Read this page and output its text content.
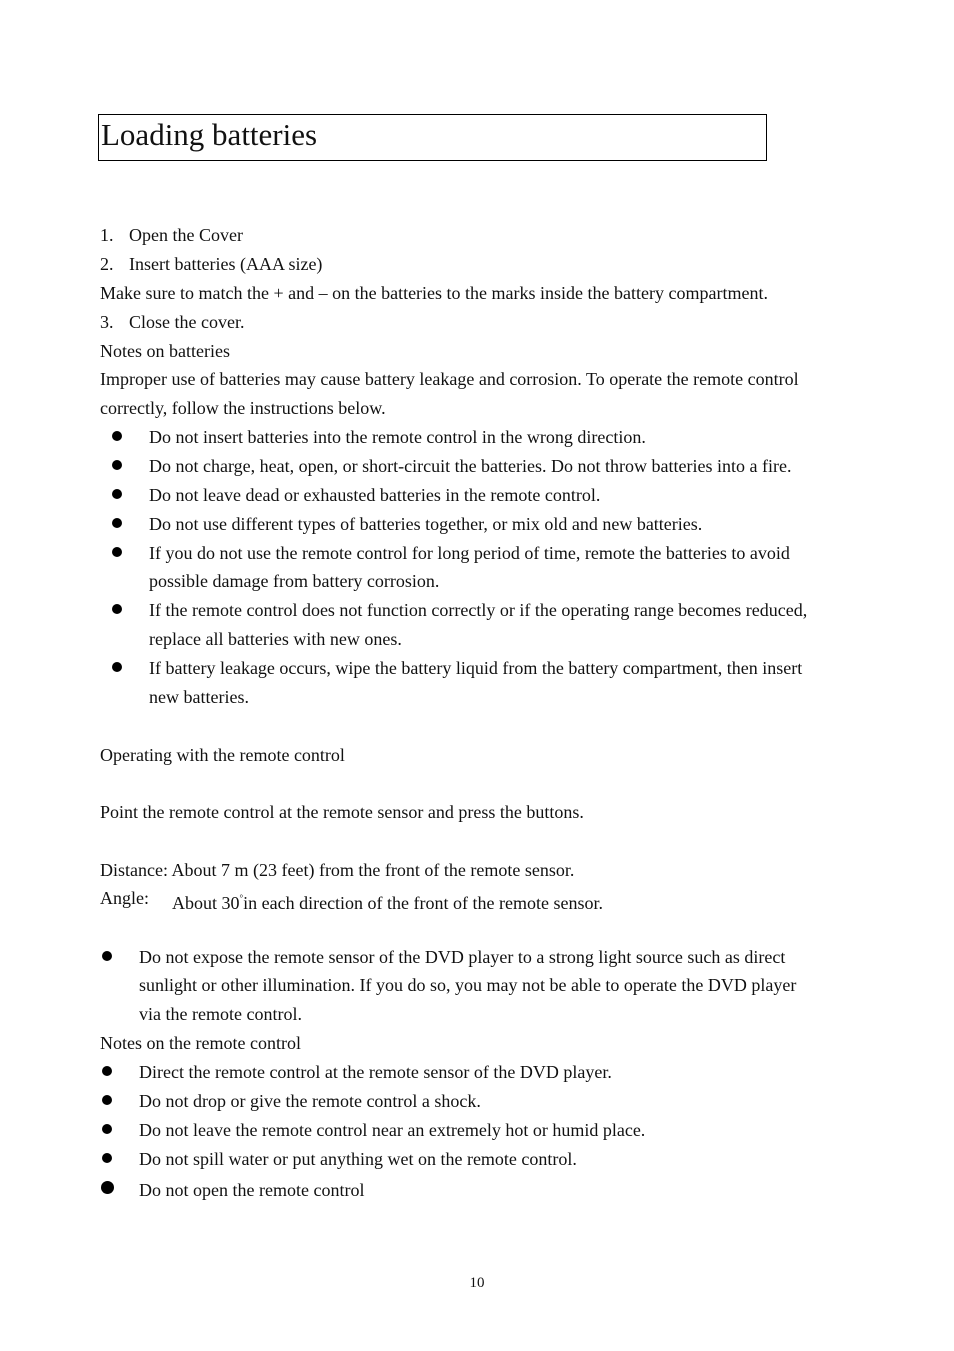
Loading batteries
1. Open the Cover
2. Insert batteries (AAA size)
Make sure to match the + and – on the batteries to the marks inside the battery compartment.
3. Close the cover.
Notes on batteries
Improper use of batteries may cause battery leakage and corrosion. To operate the remote control
correctly, follow the instructions below.
Do not insert batteries into the remote control in the wrong direction.
Do not charge, heat, open, or short-circuit the batteries. Do not throw batteries into a fire.
Do not leave dead or exhausted batteries in the remote control.
Do not use different types of batteries together, or mix old and new batteries.
If you do not use the remote control for long period of time, remote the batteries to avoid
possible damage from battery corrosion.
If the remote control does not function correctly or if the operating range becomes reduced,
replace all batteries with new ones.
If battery leakage occurs, wipe the battery liquid from the battery compartment, then insert
new batteries.
Operating with the remote control
Point the remote control at the remote sensor and press the buttons.
Distance: About 7 m (23 feet) from the front of the remote sensor.
Angle: About 30°in each direction of the front of the remote sensor.
Do not expose the remote sensor of the DVD player to a strong light source such as direct
sunlight or other illumination. If you do so, you may not be able to operate the DVD player
via the remote control.
Notes on the remote control
Direct the remote control at the remote sensor of the DVD player.
Do not drop or give the remote control a shock.
Do not leave the remote control near an extremely hot or humid place.
Do not spill water or put anything wet on the remote control.
Do not open the remote control
10
